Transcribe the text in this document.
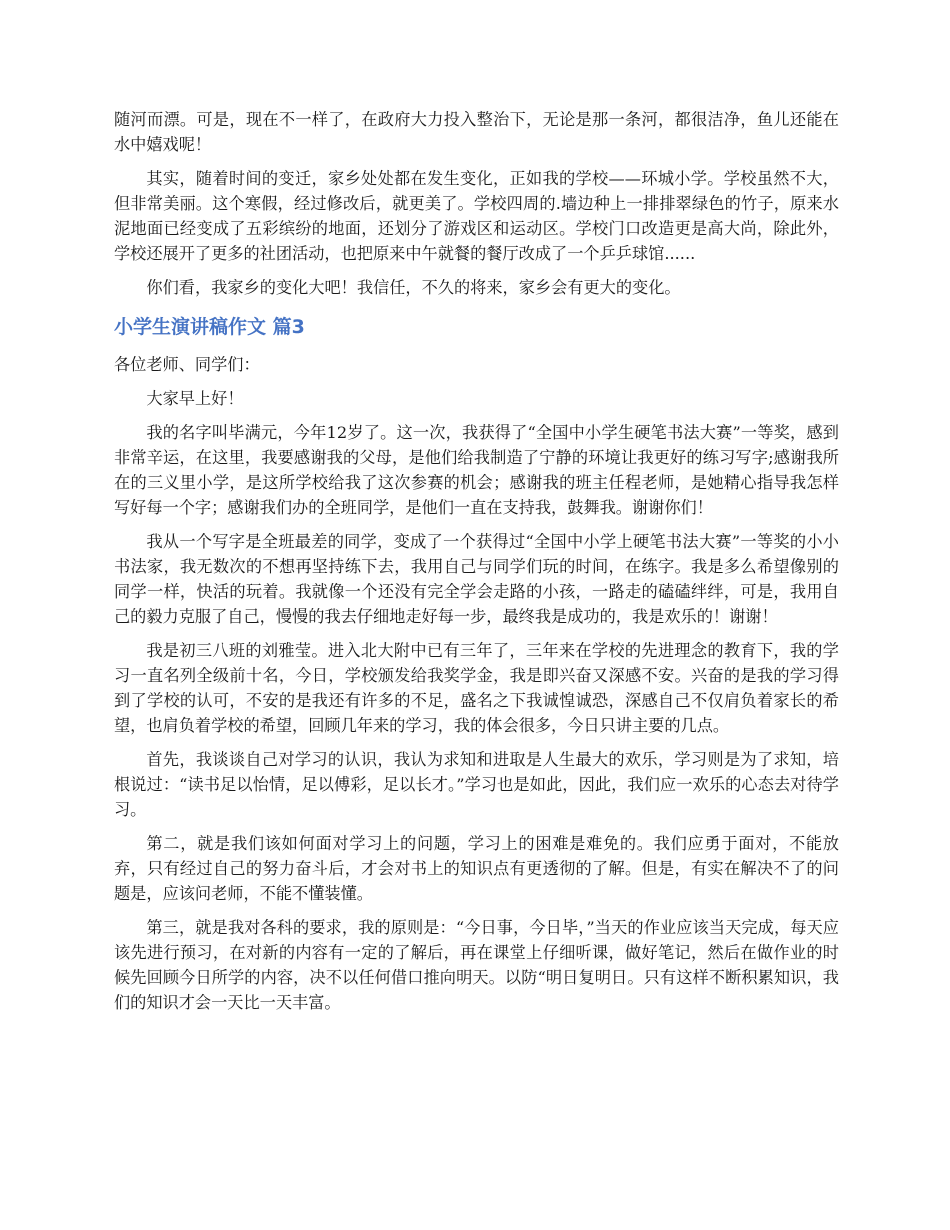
随河而漂。可是，现在不一样了，在政府大力投入整治下，无论是那一条河，都很洁净，鱼儿还能在水中嬉戏呢！

其实，随着时间的变迁，家乡处处都在发生变化，正如我的学校——环城小学。学校虽然不大，但非常美丽。这个寒假，经过修改后，就更美了。学校四周的.墙边种上一排排翠绿色的竹子，原来水泥地面已经变成了五彩缤纷的地面，还划分了游戏区和运动区。学校门口改造更是高大尚，除此外，学校还展开了更多的社团活动，也把原来中午就餐的餐厅改成了一个乒乒球馆......

你们看，我家乡的变化大吧！我信任，不久的将来，家乡会有更大的变化。

小学生演讲稿作文 篇3

各位老师、同学们：

大家早上好！

我的名字叫毕满元，今年12岁了。这一次，我获得了“全国中小学生硬笔书法大赛”一等奖，感到非常辛运，在这里，我要感谢我的父母，是他们给我制造了宁静的环境让我更好的练习写字;感谢我所在的三义里小学，是这所学校给我了这次参赛的机会；感谢我的班主任程老师，是她精心指导我怎样写好每一个字；感谢我们办的全班同学，是他们一直在支持我，鼓舞我。谢谢你们！

我从一个写字是全班最差的同学，变成了一个获得过“全国中小学上硬笔书法大赛”一等奖的小小书法家，我无数次的不想再坚持练下去，我用自己与同学们玩的时间，在练字。我是多么希望像别的同学一样，快活的玩着。我就像一个还没有完全学会走路的小孩，一路走的磕磕绊绊，可是，我用自己的毅力克服了自己，慢慢的我去仔细地走好每一步，最终我是成功的，我是欢乐的！谢谢！

我是初三八班的刘雅莹。进入北大附中已有三年了，三年来在学校的先进理念的教育下，我的学习一直名列全级前十名，今日，学校颁发给我奖学金，我是即兴奋又深感不安。兴奋的是我的学习得到了学校的认可，不安的是我还有许多的不足，盛名之下我诚惶诚恐，深感自己不仅肩负着家长的希望，也肩负着学校的希望，回顾几年来的学习，我的体会很多，今日只讲主要的几点。

首先，我谈谈自己对学习的认识，我认为求知和进取是人生最大的欢乐，学习则是为了求知，培根说过：“读书足以怡情，足以傅彩，足以长才。”学习也是如此，因此，我们应一欢乐的心态去对待学习。

第二，就是我们该如何面对学习上的问题，学习上的困难是难免的。我们应勇于面对，不能放弃，只有经过自己的努力奋斗后，才会对书上的知识点有更透彻的了解。但是，有实在解决不了的问题是，应该问老师，不能不懂装懂。

第三，就是我对各科的要求，我的原则是：“今日事，今日毕，”当天的作业应该当天完成，每天应该先进行预习，在对新的内容有一定的了解后，再在课堂上仔细听课，做好笔记，然后在做作业的时候先回顾今日所学的内容，决不以任何借口推向明天。以防“明日复明日。只有这样不断积累知识，我们的知识才会一天比一天丰富。
